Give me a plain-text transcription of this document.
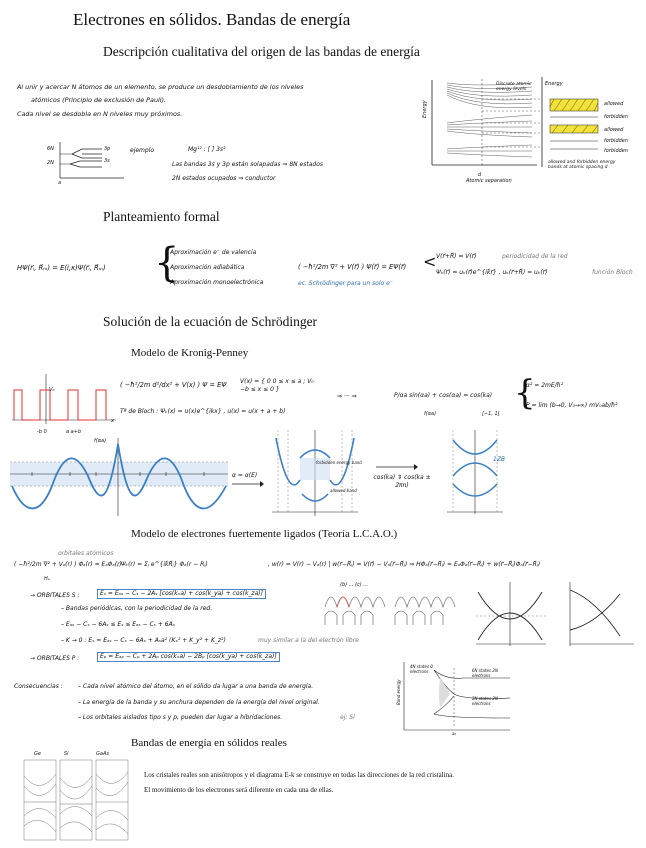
Electrones en sólidos. Bandas de energía
Descripción cualitativa del origen de las bandas de energía
Al unir y acercar N átomos de un elemento, se produce un desdoblamiento de los niveles
atómicos (Principio de exclusión de Pauli).
Cada nivel se desdobla en N niveles muy próximos.
6N
2N
3p
3s
a
ejemplo	Mg¹² : [ ] 3s²
Las bandas 3s y 3p están solapadas ⇒ 8N estados
2N estados ocupados ⇒ conductor
Energy
Discrete atomic energy levels
Energy
allowed
forbidden
allowed
forbidden
forbidden
allowed and forbidden energy bands at atomic spacing d
d
Atomic separation
Planteamiento formal
HΨ(r⃗ᵢ, R⃗ₘ) = E(i,κ)Ψ(r⃗ᵢ, R⃗ₘ) {
Aproximación e⁻ de valencia
Aproximación adiabática
Aproximación monoelectrónica
( −ħ²/2m ∇² + V(r⃗) ) Ψ(r⃗) = EΨ(r⃗)
ec. Schrödinger para un solo e⁻
< V(r⃗+R⃗) = V(r⃗)	periodicidad de la red
Ψₖ(r⃗) = uₖ(r⃗)e^{ik⃗r⃗} , uₖ(r⃗+R⃗) = uₖ(r⃗)	función Bloch
Solución de la ecuación de Schrödinger
Modelo de Kronig-Penney
V₀
-b 0	a a+b
x
( −ħ²/2m d²/dx² + V(x) ) Ψ = EΨ V(x) = { 0 0 ≤ x ≤ a ; V₀ −b ≤ x ≤ 0 }
Tª de Bloch : Ψₖ(x) = u(x)e^{ikx} , u(x) = u(x + a + b)
⇒ ··· ⇒	P/αa sin(αa) + cos(αa) = cos(ka)
f(αa)	[−1, 1]
{
α² = 2mE/ħ²
P = lim (b→0, V₀→∞) mV₀ab/ħ²
f(αa)
α = α(E)
forbidden energy band
allowed band
cos(ka) ⇕ cos(ka ± 2πn)
1ZB
Modelo de electrones fuertemente ligados (Teoría L.C.A.O.)
orbitales atómicos
( −ħ²/2m ∇² + Vₐ(r) ) Φₐ(r) = EₐΦₐ(r)
Hₐ
, Ψₖ(r) = Σⱼ e^{ik⃗R⃗ⱼ} Φₐ(r − Rⱼ)	, w(r) = V(r) − Vₐ(r) | w(r⃗−R⃗ⱼ) = V(r⃗) − Vₐ(r⃗−R⃗ⱼ) ⇒ HΦₐ(r⃗−R⃗ⱼ) = EₐΦₐ(r⃗−R⃗ⱼ) + w(r⃗−R⃗ⱼ)Φₐ(r⃗−R⃗ⱼ)
→ ORBITALES S :	Eₛ = Eₐₛ − Cₛ − 2Aₛ [cos(kₓa) + cos(k_ya) + cos(k_za)]
– Bandas periódicas, con la periodicidad de la red.
– Eₐₛ − Cₛ − 6Aₛ ≤ Eₛ ≤ Eₐₛ − Cₛ + 6Aₛ
– K → 0 : Eₛ ≈ Eₐₛ − Cₛ − 6Aₛ + Aₛa² (Kₓ² + K_y² + K_z²)	muy similar a la del electrón libre
→ ORBITALES P :	Eₚ = Eₐₚ − Cₚ + 2Aₚ cos(kₓa) − 2Bₚ [cos(k_ya) + cos(k_za)]
(b) ... (c) ...
Consecuencias :	– Cada nivel atómico del átomo, en el sólido da lugar a una banda de energía.
– La energía de la banda y su anchura dependen de la energía del nivel original.
– Los orbitales aislados tipo s y p, pueden dar lugar a hibridaciones.	ej: Si
Band energy
a₀
4N states 0 electrons	6N states 2N electrons
2N states 2N electrons
Bandas de energía en sólidos reales
Ge	Si	GaAs
Los cristales reales son anisótropos y el diagrama E-k se construye en todas las direcciones de la red cristalina.
El movimiento de los electrones será diferente en cada una de ellas.
